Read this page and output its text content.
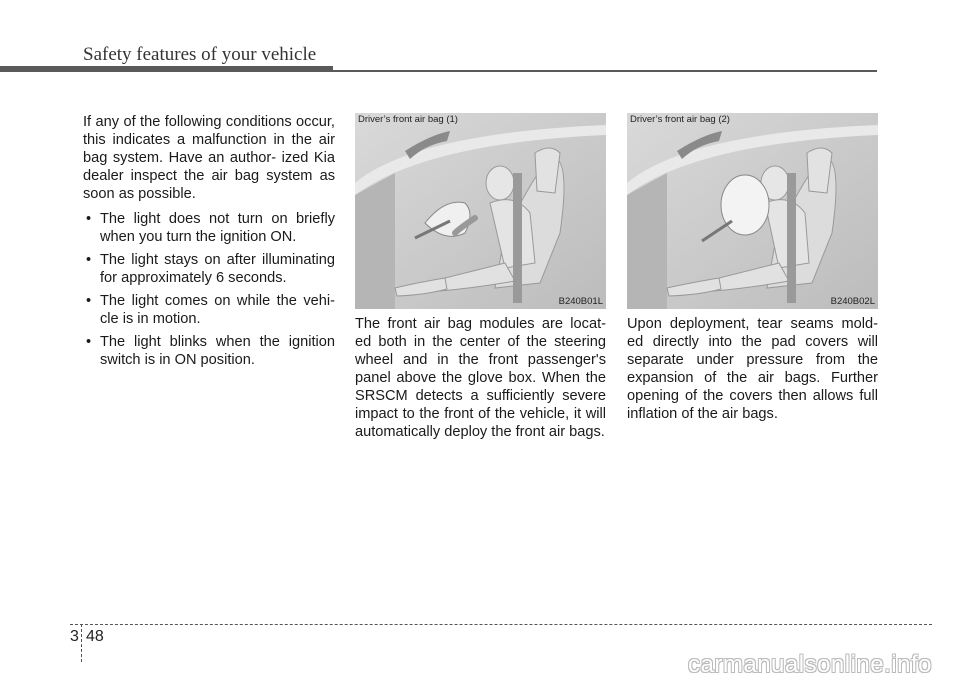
Safety features of your vehicle

If any of the following conditions occur, this indicates a malfunction in the air bag system. Have an author- ized Kia dealer inspect the air bag system as soon as possible.

• The light does not turn on briefly when you turn the ignition ON.
• The light stays on after illuminating for approximately 6 seconds.
• The light comes on while the vehi- cle is in motion.
• The light blinks when the ignition switch is in ON position.
Driver’s front air bag (1)
B240B01L
Driver’s front air bag (2)
B240B02L

The front air bag modules are locat- ed both in the center of the steering wheel and in the front passenger's panel above the glove box. When the SRSCM detects a sufficiently severe impact to the front of the vehicle, it will automatically deploy the front air bags.

Upon deployment, tear seams mold- ed directly into the pad covers will separate under pressure from the expansion of the air bags. Further opening of the covers then allows full inflation of the air bags.

3 48
carmanualsonline.info
